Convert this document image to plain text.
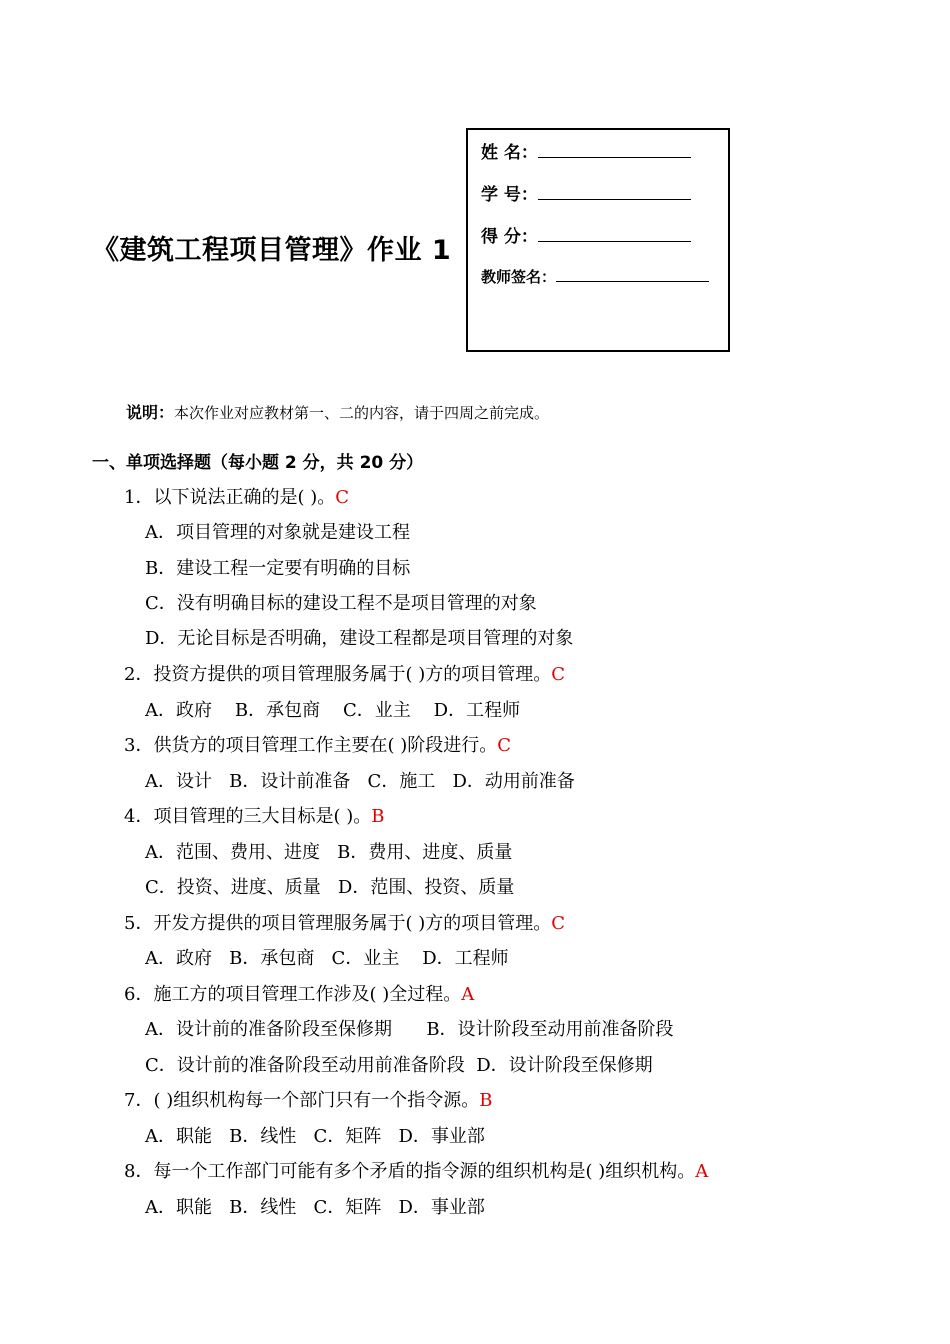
《建筑工程项目管理》作业 1
姓 名：
学 号：
得 分：
教师签名：
说明：本次作业对应教材第一、二的内容，请于四周之前完成。
一、单项选择题（每小题 2 分，共 20 分）
1．以下说法正确的是( )。C
A．项目管理的对象就是建设工程
B．建设工程一定要有明确的目标
C．没有明确目标的建设工程不是项目管理的对象
D．无论目标是否明确，建设工程都是项目管理的对象
2．投资方提供的项目管理服务属于( )方的项目管理。C
A．政府    B．承包商    C．业主    D．工程师
3．供货方的项目管理工作主要在( )阶段进行。C
A．设计   B．设计前准备   C．施工   D．动用前准备
4．项目管理的三大目标是( )。B
A．范围、费用、进度   B．费用、进度、质量
C．投资、进度、质量   D．范围、投资、质量
5．开发方提供的项目管理服务属于( )方的项目管理。C
A．政府   B．承包商   C．业主    D．工程师
6．施工方的项目管理工作涉及( )全过程。A
A．设计前的准备阶段至保修期      B．设计阶段至动用前准备阶段
C．设计前的准备阶段至动用前准备阶段  D．设计阶段至保修期
7．( )组织机构每一个部门只有一个指令源。B
A．职能   B．线性   C．矩阵   D．事业部
8．每一个工作部门可能有多个矛盾的指令源的组织机构是( )组织机构。A
A．职能   B．线性   C．矩阵   D．事业部
